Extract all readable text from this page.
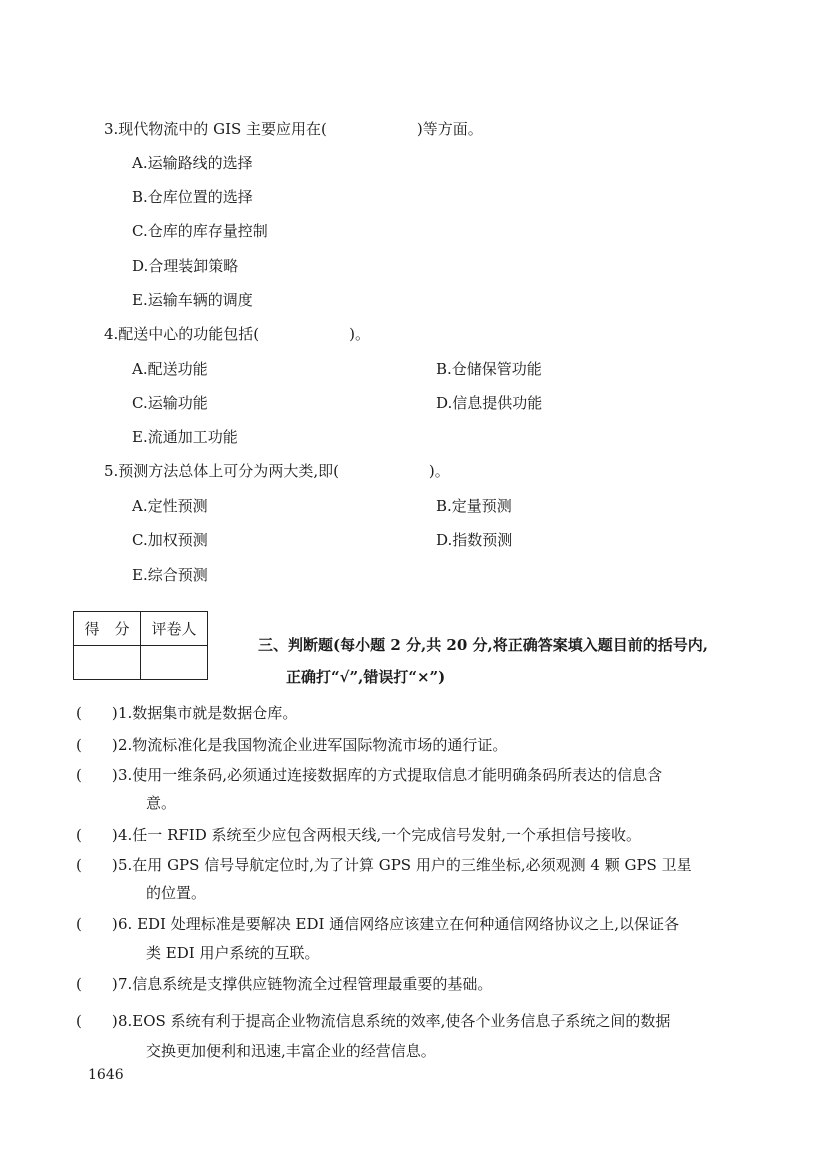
3.现代物流中的 GIS 主要应用在(　　　　　　)等方面。
A.运输路线的选择
B.仓库位置的选择
C.仓库的库存量控制
D.合理装卸策略
E.运输车辆的调度
4.配送中心的功能包括(　　　　　　)。
A.配送功能	B.仓储保管功能
C.运输功能	D.信息提供功能
E.流通加工功能
5.预测方法总体上可分为两大类,即(　　　　　　)。
A.定性预测	B.定量预测
C.加权预测	D.指数预测
E.综合预测
得　分	评卷人

三、判断题(每小题 2 分,共 20 分,将正确答案填入题目前的括号内,
正确打“√”,错误打“×”)
(　　) 1.数据集市就是数据仓库。
(　　) 2.物流标准化是我国物流企业进军国际物流市场的通行证。
(　　) 3.使用一维条码,必须通过连接数据库的方式提取信息才能明确条码所表达的信息含
意。
(　　) 4.任一 RFID 系统至少应包含两根天线,一个完成信号发射,一个承担信号接收。
(　　) 5.在用 GPS 信号导航定位时,为了计算 GPS 用户的三维坐标,必须观测 4 颗 GPS 卫星
的位置。
(　　) 6. EDI 处理标准是要解决 EDI 通信网络应该建立在何种通信网络协议之上,以保证各
类 EDI 用户系统的互联。
(　　) 7.信息系统是支撑供应链物流全过程管理最重要的基础。
(　　) 8.EOS 系统有利于提高企业物流信息系统的效率,使各个业务信息子系统之间的数据
交换更加便利和迅速,丰富企业的经营信息。
1646
